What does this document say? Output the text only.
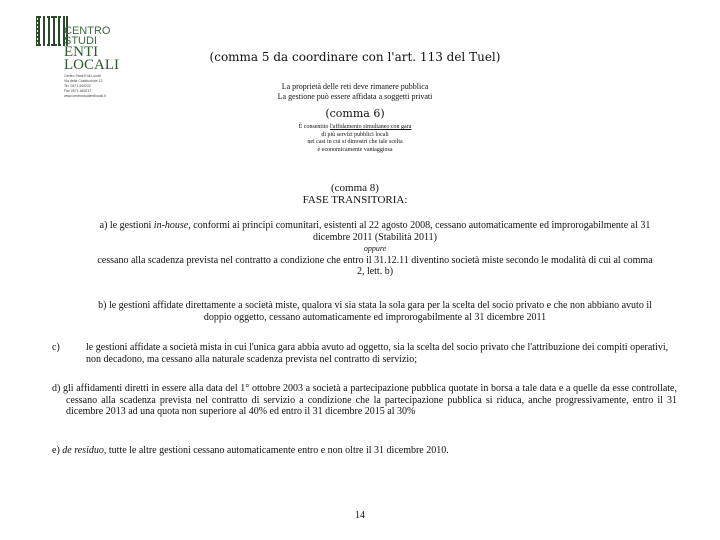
CENTRO
STUDI
ENTI
LOCALI
Centro Studi Enti Locali
Via della Costituzione 13
Tel. 0571 469222
Fax 0571 469237
www.centrostudientilocali.it
(comma 5 da coordinare con l'art. 113 del Tuel)

La proprietà delle reti deve rimanere pubblica

La gestione può essere affidata a soggetti privati

(comma 6)

È consentito l'affidamento simultaneo con gara

di più servizi pubblici locali

nei casi in cui si dimostri che tale scelta

è economicamente vantaggiosa

(comma 8)

FASE TRANSITORIA:

a) le gestioni in-house, conformi ai principi comunitari, esistenti al 22 agosto 2008, cessano automaticamente ed improrogabilmente al 31 dicembre 2011 (Stabilità 2011)

oppure

cessano alla scadenza prevista nel contratto a condizione che entro il 31.12.11 diventino società miste secondo le modalità di cui al comma 2, lett. b)

b) le gestioni affidate direttamente a società miste, qualora vi sia stata la sola gara per la scelta del socio privato e che non abbiano avuto il doppio oggetto, cessano automaticamente ed improrogabilmente al 31 dicembre 2011
c)	le gestioni affidate a società mista in cui l'unica gara abbia avuto ad oggetto, sia la scelta del socio privato che l'attribuzione dei compiti operativi, non decadono, ma cessano alla naturale scadenza prevista nel contratto di servizio;

d) gli affidamenti diretti in essere alla data del 1° ottobre 2003 a società a partecipazione pubblica quotate in borsa a tale data e a quelle da esse controllate, cessano alla scadenza prevista nel contratto di servizio a condizione che la partecipazione pubblica si riduca, anche progressivamente, entro il 31 dicembre 2013 ad una quota non superiore al 40% ed entro il 31 dicembre 2015 al 30%
e) de residuo, tutte le altre gestioni cessano automaticamente entro e non oltre il 31 dicembre 2010.
14
